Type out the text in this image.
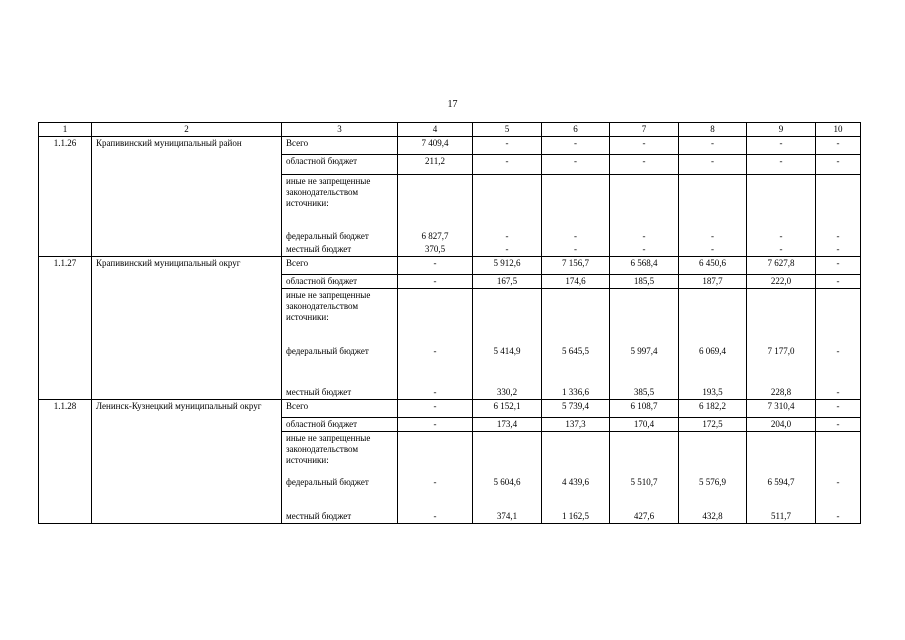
17
1	2	3	4	5	6	7	8	9	10
1.1.26	Крапивинский муниципальный район	Всего	7 409,4	-	-	-	-	-	-
		областной бюджет	211,2	-	-	-	-	-	-
		иные не запрещенные законодательством источники:							
		федеральный бюджет	6 827,7	-	-	-	-	-	-
		местный бюджет	370,5	-	-	-	-	-	-
1.1.27	Крапивинский муниципальный округ	Всего	-	5 912,6	7 156,7	6 568,4	6 450,6	7 627,8	-
		областной бюджет	-	167,5	174,6	185,5	187,7	222,0	-
		иные не запрещенные законодательством источники:							
		федеральный бюджет	-	5 414,9	5 645,5	5 997,4	6 069,4	7 177,0	-
		местный бюджет	-	330,2	1 336,6	385,5	193,5	228,8	-
1.1.28	Ленинск-Кузнецкий муниципальный округ	Всего	-	6 152,1	5 739,4	6 108,7	6 182,2	7 310,4	-
		областной бюджет	-	173,4	137,3	170,4	172,5	204,0	-
		иные не запрещенные законодательством источники:							
		федеральный бюджет	-	5 604,6	4 439,6	5 510,7	5 576,9	6 594,7	-
		местный бюджет	-	374,1	1 162,5	427,6	432,8	511,7	-
